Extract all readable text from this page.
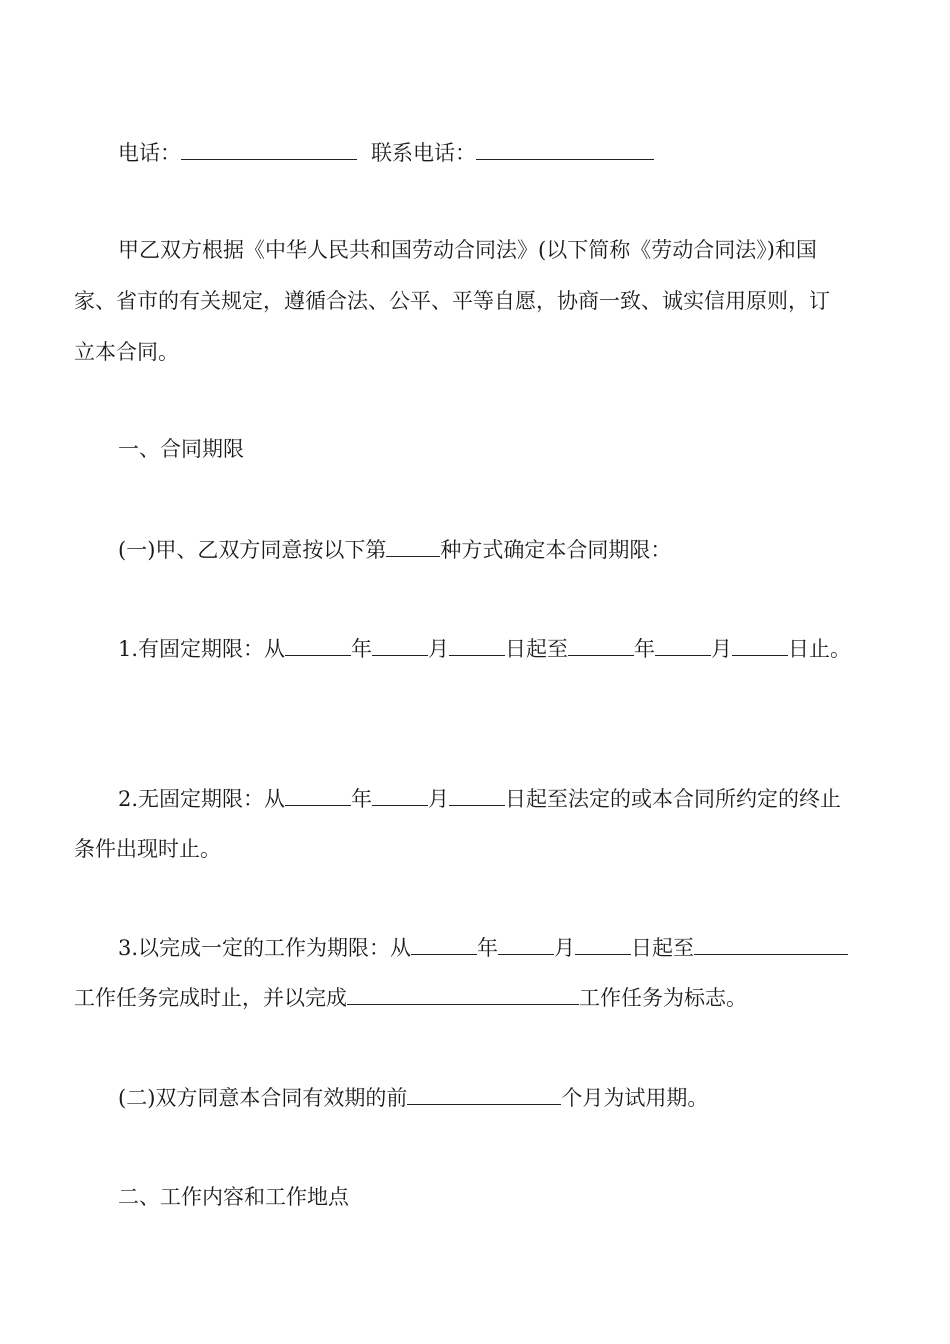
电话：	联系电话：
甲乙双方根据《中华人民共和国劳动合同法》(以下简称《劳动合同法》)和国
家、省市的有关规定，遵循合法、公平、平等自愿，协商一致、诚实信用原则，订
立本合同。
一、合同期限
(一)甲、乙双方同意按以下第	种方式确定本合同期限：
1.有固定期限：从	年	月	日起至	年	月	日止。
2.无固定期限：从	年	月	日起至法定的或本合同所约定的终止
条件出现时止。
3.以完成一定的工作为期限：从	年	月	日起至
工作任务完成时止，并以完成	工作任务为标志。
(二)双方同意本合同有效期的前	个月为试用期。
二、工作内容和工作地点
